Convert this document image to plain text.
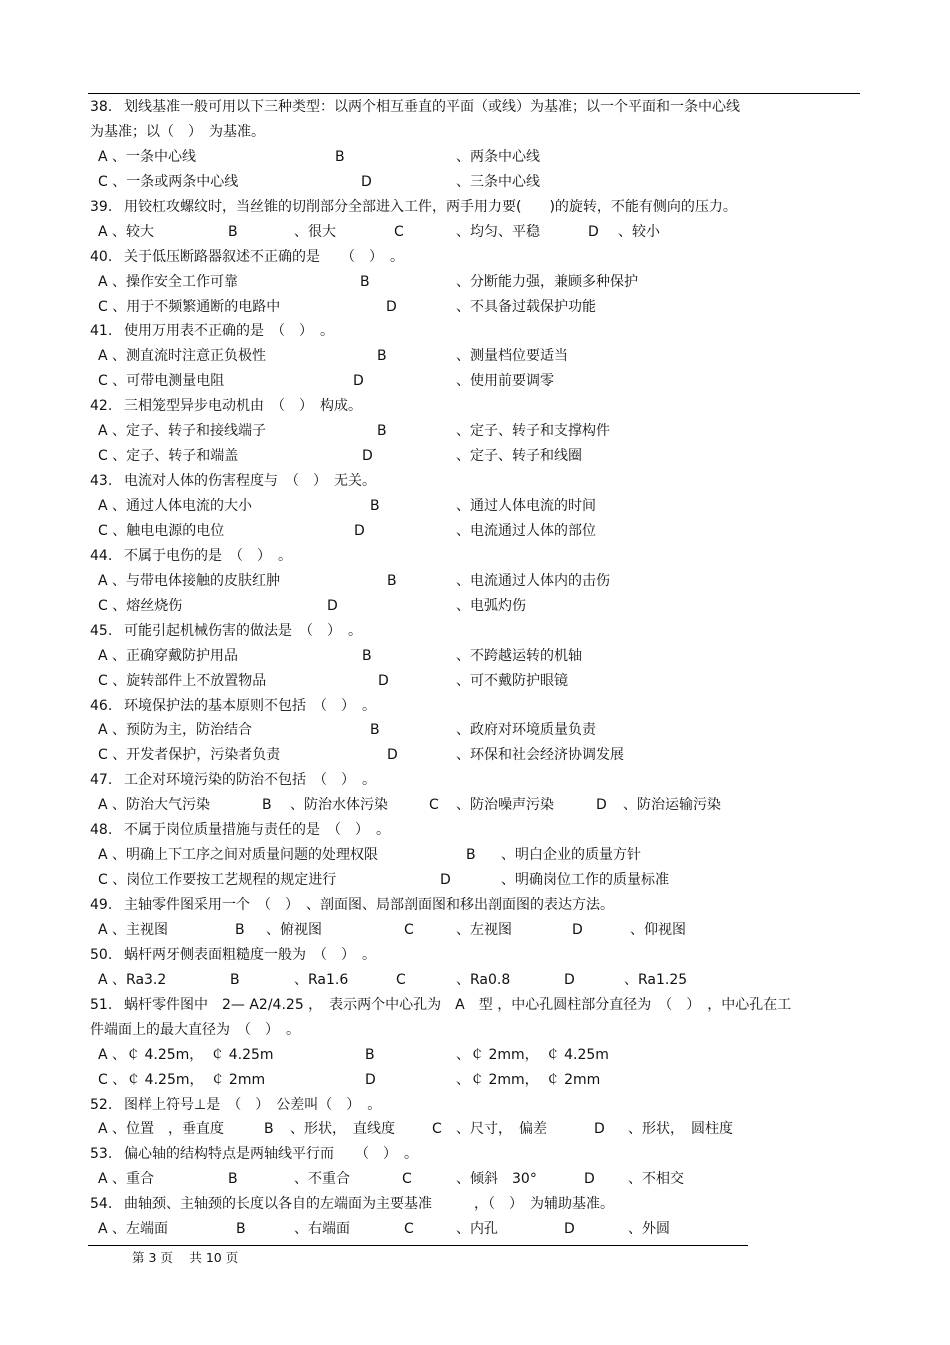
38. 划线基准一般可用以下三种类型：以两个相互垂直的平面（或线）为基准；以一个平面和一条中心线
为基准；以（　）　为基准。
A 、一条中心线	B	、两条中心线
C 、一条或两条中心线	D	、三条中心线
39. 用铰杠攻螺纹时，当丝锥的切削部分全部进入工件，两手用力要(　　)的旋转，不能有侧向的压力。
A 、较大	B	、很大	C	、均匀、平稳	D 、较小
40. 关于低压断路器叙述不正确的是　　（　）　。
A 、操作安全工作可靠	B	、分断能力强，兼顾多种保护
C 、用于不频繁通断的电路中	D	、不具备过载保护功能
41. 使用万用表不正确的是　（　）　。
A 、测直流时注意正负极性	B	、测量档位要适当
C 、可带电测量电阻	D	、使用前要调零
42. 三相笼型异步电动机由　（　）　构成。
A 、定子、转子和接线端子	B	、定子、转子和支撑构件
C 、定子、转子和端盖	D	、定子、转子和线圈
43. 电流对人体的伤害程度与　（　）　无关。
A 、通过人体电流的大小	B	、通过人体电流的时间
C 、触电电源的电位	D	、电流通过人体的部位
44. 不属于电伤的是　（　）　。
A 、与带电体接触的皮肤红肿	B	、电流通过人体内的击伤
C 、熔丝烧伤	D	、电弧灼伤
45. 可能引起机械伤害的做法是　（　）　。
A 、正确穿戴防护用品	B	、不跨越运转的机轴
C 、旋转部件上不放置物品	D	、可不戴防护眼镜
46. 环境保护法的基本原则不包括　（　）　。
A 、预防为主，防治结合	B	、政府对环境质量负责
C 、开发者保护，污染者负责	D	、环保和社会经济协调发展
47. 工企对环境污染的防治不包括　（　）　。
A 、防治大气污染	B 、防治水体污染	C 、防治噪声污染	D 、防治运输污染
48. 不属于岗位质量措施与责任的是　（　）　。
A 、明确上下工序之间对质量问题的处理权限	B 、明白企业的质量方针
C 、岗位工作要按工艺规程的规定进行	D	、明确岗位工作的质量标准
49. 主轴零件图采用一个　（　）　、剖面图、局部剖面图和移出剖面图的表达方法。
A 、主视图	B 、俯视图	C	、左视图	D	、仰视图
50. 蜗杆两牙侧表面粗糙度一般为　（　）　。
A 、Ra3.2	B	、Ra1.6	C	、Ra0.8	D	、Ra1.25
51. 蜗杆零件图中　2— A2/4.25 ，　表示两个中心孔为　A　型 ，中心孔圆柱部分直径为　（　）　，中心孔在工
件端面上的最大直径为　（　）　。
A 、￠ 4.25m，　￠ 4.25m	B	、￠ 2mm，　￠ 4.25m
C 、￠ 4.25m，　￠ 2mm	D	、￠ 2mm，　￠ 2mm
52. 图样上符号⊥是　（　）　公差叫（　）　。
A 、位置　，垂直度	B 、形状，　直线度	C 、尺寸，　偏差	D 、形状，　圆柱度
53. 偏心轴的结构特点是两轴线平行而　　（　）　。
A 、重合	B	、不重合	C	、倾斜　30°	D 、不相交
54. 曲轴颈、主轴颈的长度以各自的左端面为主要基准　　　，（　）　为辅助基准。
A 、左端面	B	、右端面	C	、内孔	D	、外圆
第 3 页　 共 10 页
